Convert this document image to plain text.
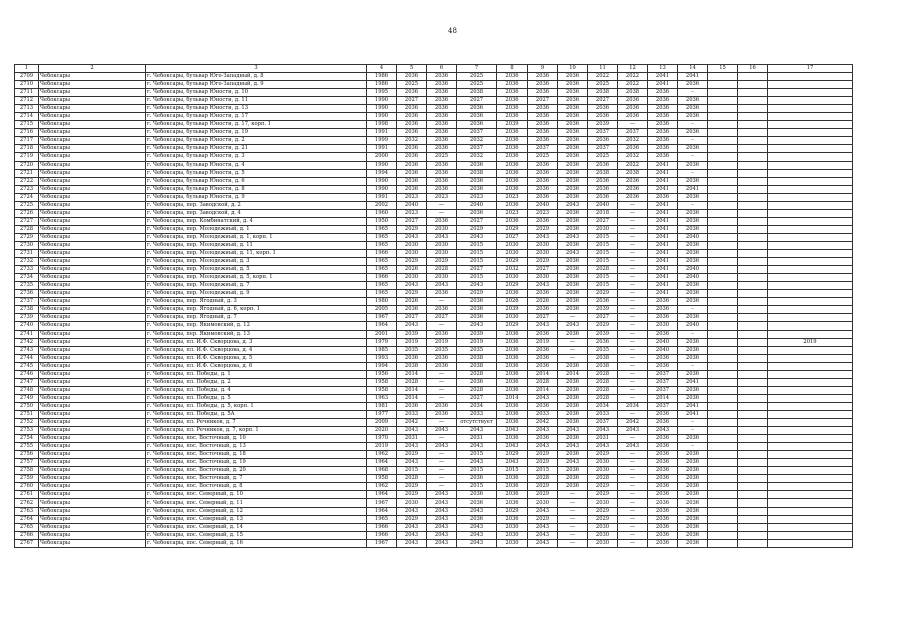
48
1	2	3	4	5	6	7	8	9	10	11	12	13	14	15	16	17
2709	Чебоксары	г. Чебоксары, бульвар Юго-Западный, д. 8	1986	2036	2036	2025	2036	2036	2036	2022	2022	2041	2041			
2710	Чебоксары	г. Чебоксары, бульвар Юго-Западный, д. 9	1986	2025	2036	2025	2036	2036	2036	2025	2022	2041	2036			
2711	Чебоксары	г. Чебоксары, бульвар Юности, д. 10	1995	2036	2036	2038	2036	2036	2036	2038	2038	2036	–			
2712	Чебоксары	г. Чебоксары, бульвар Юности, д. 11	1990	2027	2036	2027	2036	2027	2036	2027	2036	2036	2036			
2713	Чебоксары	г. Чебоксары, бульвар Юности, д. 13	1990	2036	2036	2036	2036	2036	2036	2036	2036	2036	2036			
2714	Чебоксары	г. Чебоксары, бульвар Юности, д. 17	1990	2036	2036	2036	2036	2036	2036	2036	2036	2036	2036			
2715	Чебоксары	г. Чебоксары, бульвар Юности, д. 17, корп. 1	1998	2036	2036	2036	2039	2036	2036	2039	—	2036	–			
2716	Чебоксары	г. Чебоксары, бульвар Юности, д. 19	1991	2036	2036	2037	2036	2036	2036	2037	2037	2036	2036			
2717	Чебоксары	г. Чебоксары, бульвар Юности, д. 2	1999	2032	2036	2032	2036	2036	2036	2036	2032	2036	–			
2718	Чебоксары	г. Чебоксары, бульвар Юности, д. 21	1991	2036	2036	2037	2036	2037	2036	2037	2036	2036	2036			
2719	Чебоксары	г. Чебоксары, бульвар Юности, д. 3	2000	2036	2025	2032	2036	2025	2036	2025	2032	2036	–			
2720	Чебоксары	г. Чебоксары, бульвар Юности, д. 4	1990	2036	2036	2036	2036	2036	2036	2036	2022	2041	2036			
2721	Чебоксары	г. Чебоксары, бульвар Юности, д. 5	1994	2036	2036	2038	2036	2036	2036	2038	2038	2041	–			
2722	Чебоксары	г. Чебоксары, бульвар Юности, д. 6	1990	2036	2036	2036	2036	2036	2036	2036	2036	2041	2036			
2723	Чебоксары	г. Чебоксары, бульвар Юности, д. 8	1990	2036	2036	2036	2036	2036	2036	2036	2036	2041	2041			
2724	Чебоксары	г. Чебоксары, бульвар Юности, д. 9	1991	2023	2023	2023	2023	2036	2036	2036	2036	2036	2036			
2725	Чебоксары	г. Чебоксары, пер. Заводской, д. 2	2002	2040	—	2040	2036	2040	2043	2040	—	2041	–			
2726	Чебоксары	г. Чебоксары, пер. Заводской, д. 4	1960	2023	—	2036	2023	2023	2036	2018	—	2041	2036			
2727	Чебоксары	г. Чебоксары, пер. Комбинатский, д. 4	1950	2027	2036	2027	2036	2036	2036	2027	—	2041	2036			
2728	Чебоксары	г. Чебоксары, пер. Молодежный, д. 1	1965	2029	2030	2029	2029	2029	2036	2030	—	2041	2036			
2729	Чебоксары	г. Чебоксары, пер. Молодежный, д. 1, корп. 1	1965	2043	2043	2043	2027	2043	2043	2015	—	2041	2040			
2730	Чебоксары	г. Чебоксары, пер. Молодежный, д. 11	1965	2030	2030	2015	2030	2030	2036	2015	—	2041	2036			
2731	Чебоксары	г. Чебоксары, пер. Молодежный, д. 11, корп. 1	1966	2030	2030	2015	2030	2030	2043	2015	—	2041	2036			
2732	Чебоксары	г. Чебоксары, пер. Молодежный, д. 3	1965	2029	2029	2015	2029	2029	2036	2015	—	2041	2036			
2733	Чебоксары	г. Чебоксары, пер. Молодежный, д. 5	1965	2026	2028	2027	2032	2027	2036	2028	—	2041	2040			
2734	Чебоксары	г. Чебоксары, пер. Молодежный, д. 5, корп. 1	1966	2030	2030	2015	2030	2030	2036	2015	—	2041	2040			
2735	Чебоксары	г. Чебоксары, пер. Молодежный, д. 7	1965	2043	2043	2043	2029	2043	2036	2015	—	2041	2036			
2736	Чебоксары	г. Чебоксары, пер. Молодежный, д. 9	1965	2029	2036	2029	2036	2036	2036	2029	—	2041	2036			
2737	Чебоксары	г. Чебоксары, пер. Ягодный, д. 3	1980	2026	—	2036	2026	2026	2036	2036	—	2036	2036			
2738	Чебоксары	г. Чебоксары, пер. Ягодный, д. 6, корп. 1	2005	2036	2036	2036	2039	2036	2036	2039	—	2036	–			
2739	Чебоксары	г. Чебоксары, пер. Ягодный, д. 7	1967	2027	2027	2036	2030	2027	—	2027	—	2036	2036			
2740	Чебоксары	г. Чебоксары, пер. Якимовский, д. 12	1964	2043	—	2043	2029	2043	2043	2029	—	2030	2040			
2741	Чебоксары	г. Чебоксары, пер. Якимовский, д. 13	2001	2039	2036	2039	2036	2036	2036	2039	—	2036	–			
2742	Чебоксары	г. Чебоксары, пл. И.Ф. Скворцова, д. 3	1979	2019	2019	2019	2036	2019	—	2036	—	2040	2036			2019
2743	Чебоксары	г. Чебоксары, пл. И.Ф. Скворцова, д. 4	1985	2035	2035	2035	2036	2036	—	2035	—	2040	2036			
2744	Чебоксары	г. Чебоксары, пл. И.Ф. Скворцова, д. 5	1993	2036	2036	2038	2036	2036	—	2038	—	2036	2036			
2745	Чебоксары	г. Чебоксары, пл. И.Ф. Скворцова, д. 6	1994	2038	2036	2038	2036	2036	2036	2038	—	2036	–			
2746	Чебоксары	г. Чебоксары, пл. Победы, д. 1	1956	2014	—	2028	2036	2014	2014	2028	—	2037	2036			
2747	Чебоксары	г. Чебоксары, пл. Победы, д. 2	1958	2028	—	2036	2036	2028	2036	2028	—	2037	2041			
2748	Чебоксары	г. Чебоксары, пл. Победы, д. 4	1958	2014	—	2028	2036	2014	2036	2028	—	2037	2036			
2749	Чебоксары	г. Чебоксары, пл. Победы, д. 5	1963	2014	—	2027	2014	2043	2036	2028	—	2014	2036			
2750	Чебоксары	г. Чебоксары, пл. Победы, д. 5, корп. 1	1981	2036	2036	2034	2036	2036	2036	2034	2034	2037	2041			
2751	Чебоксары	г. Чебоксары, пл. Победы, д. 5А	1977	2033	2036	2033	2036	2033	2036	2033	—	2036	2041			
2752	Чебоксары	г. Чебоксары, пл. Речников, д. 7	2009	2042	—	отсутствует	2036	2042	2036	2037	2042	2036	–			
2753	Чебоксары	г. Чебоксары, пл. Речников, д. 7, корп. 1	2020	2043	2043	2043	2043	2043	2043	2043	2043	2043	–			
2754	Чебоксары	г. Чебоксары, пос. Восточный, д. 10	1970	2031	—	2031	2036	2036	2036	2031	—	2036	2036			
2755	Чебоксары	г. Чебоксары, пос. Восточный, д. 13	2019	2043	2043	2043	2043	2043	2043	2043	2043	2036	–			
2756	Чебоксары	г. Чебоксары, пос. Восточный, д. 18	1962	2029	—	2015	2029	2029	2036	2029	—	2036	2036			
2757	Чебоксары	г. Чебоксары, пос. Восточный, д. 19	1964	2043	—	2043	2043	2029	2043	2030	—	2036	2036			
2758	Чебоксары	г. Чебоксары, пос. Восточный, д. 20	1968	2015	—	2015	2015	2015	2036	2030	—	2036	2036			
2759	Чебоксары	г. Чебоксары, пос. Восточный, д. 7	1958	2028	—	2036	2036	2028	2036	2028	—	2036	2036			
2760	Чебоксары	г. Чебоксары, пос. Восточный, д. 8	1962	2029	—	2015	2036	2029	2036	2029	—	2036	2036			
2761	Чебоксары	г. Чебоксары, пос. Северный, д. 10	1964	2029	2043	2036	2036	2029	—	2029	—	2036	2036			
2762	Чебоксары	г. Чебоксары, пос. Северный, д. 11	1967	2030	2043	2036	2036	2030	—	2030	—	2036	2036			
2763	Чебоксары	г. Чебоксары, пос. Северный, д. 12	1964	2043	2043	2043	2029	2043	—	2029	—	2036	2036			
2764	Чебоксары	г. Чебоксары, пос. Северный, д. 13	1965	2029	2043	2036	2036	2029	—	2029	—	2036	2036			
2765	Чебоксары	г. Чебоксары, пос. Северный, д. 14	1966	2043	2043	2043	2030	2043	—	2030	—	2036	2036			
2766	Чебоксары	г. Чебоксары, пос. Северный, д. 15	1966	2043	2043	2043	2030	2043	—	2030	—	2036	2036			
2767	Чебоксары	г. Чебоксары, пос. Северный, д. 16	1967	2043	2043	2043	2030	2043	—	2030	—	2036	2036			
